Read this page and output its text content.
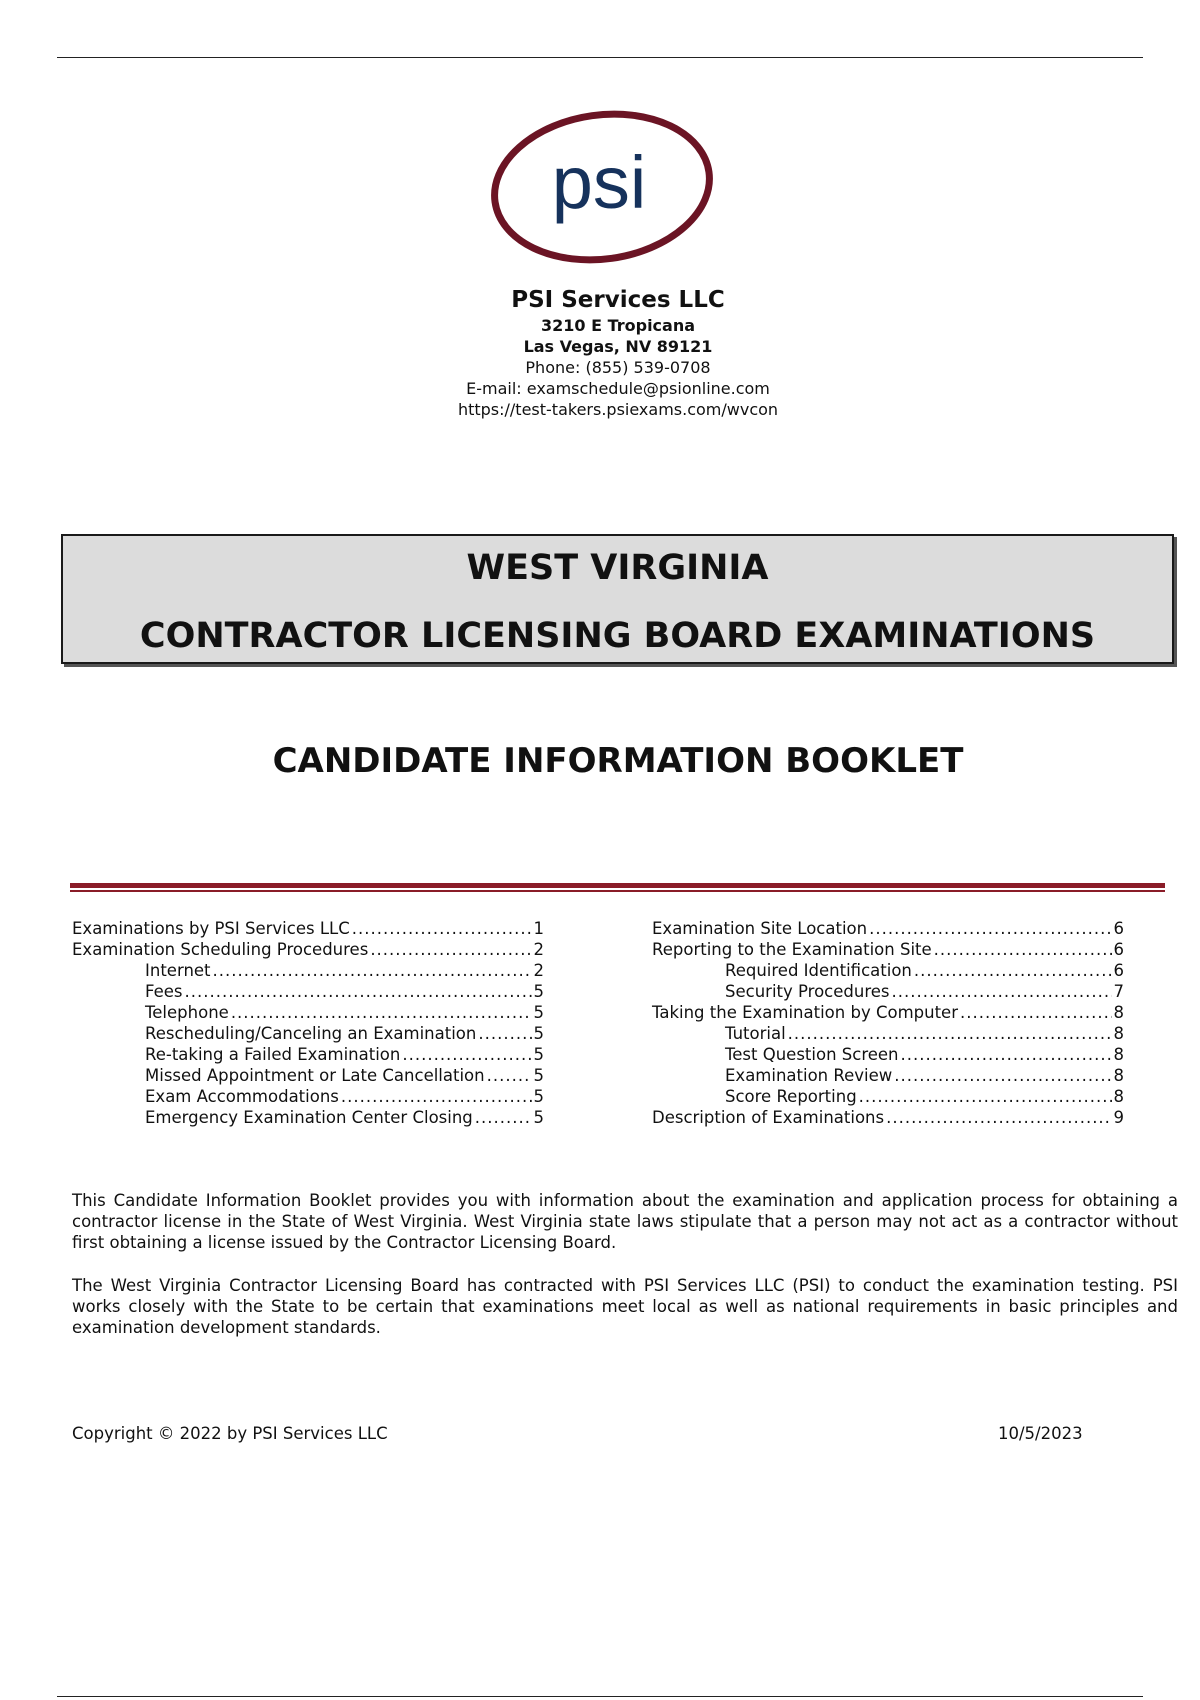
psi
PSI Services LLC
3210 E Tropicana
Las Vegas, NV 89121
Phone: (855) 539-0708
E-mail: examschedule@psionline.com
https://test-takers.psiexams.com/wvcon
WEST VIRGINIA
CONTRACTOR LICENSING BOARD EXAMINATIONS
CANDIDATE INFORMATION BOOKLET
Examinations by PSI Services LLC .....	1
Examination Scheduling Procedures .....	2
Internet .....	2
Fees .....	5
Telephone .....	5
Rescheduling/Canceling an Examination .....	5
Re-taking a Failed Examination .....	5
Missed Appointment or Late Cancellation .....	5
Exam Accommodations .....	5
Emergency Examination Center Closing .....	5
Examination Site Location .....	6
Reporting to the Examination Site .....	6
Required Identification .....	6
Security Procedures .....	7
Taking the Examination by Computer .....	8
Tutorial .....	8
Test Question Screen .....	8
Examination Review .....	8
Score Reporting .....	8
Description of Examinations .....	9
This Candidate Information Booklet provides you with information about the examination and application process for obtaining a contractor license in the State of West Virginia. West Virginia state laws stipulate that a person may not act as a contractor without first obtaining a license issued by the Contractor Licensing Board.
The West Virginia Contractor Licensing Board has contracted with PSI Services LLC (PSI) to conduct the examination testing. PSI works closely with the State to be certain that examinations meet local as well as national requirements in basic principles and examination development standards.
Copyright © 2022 by PSI Services LLC	10/5/2023
